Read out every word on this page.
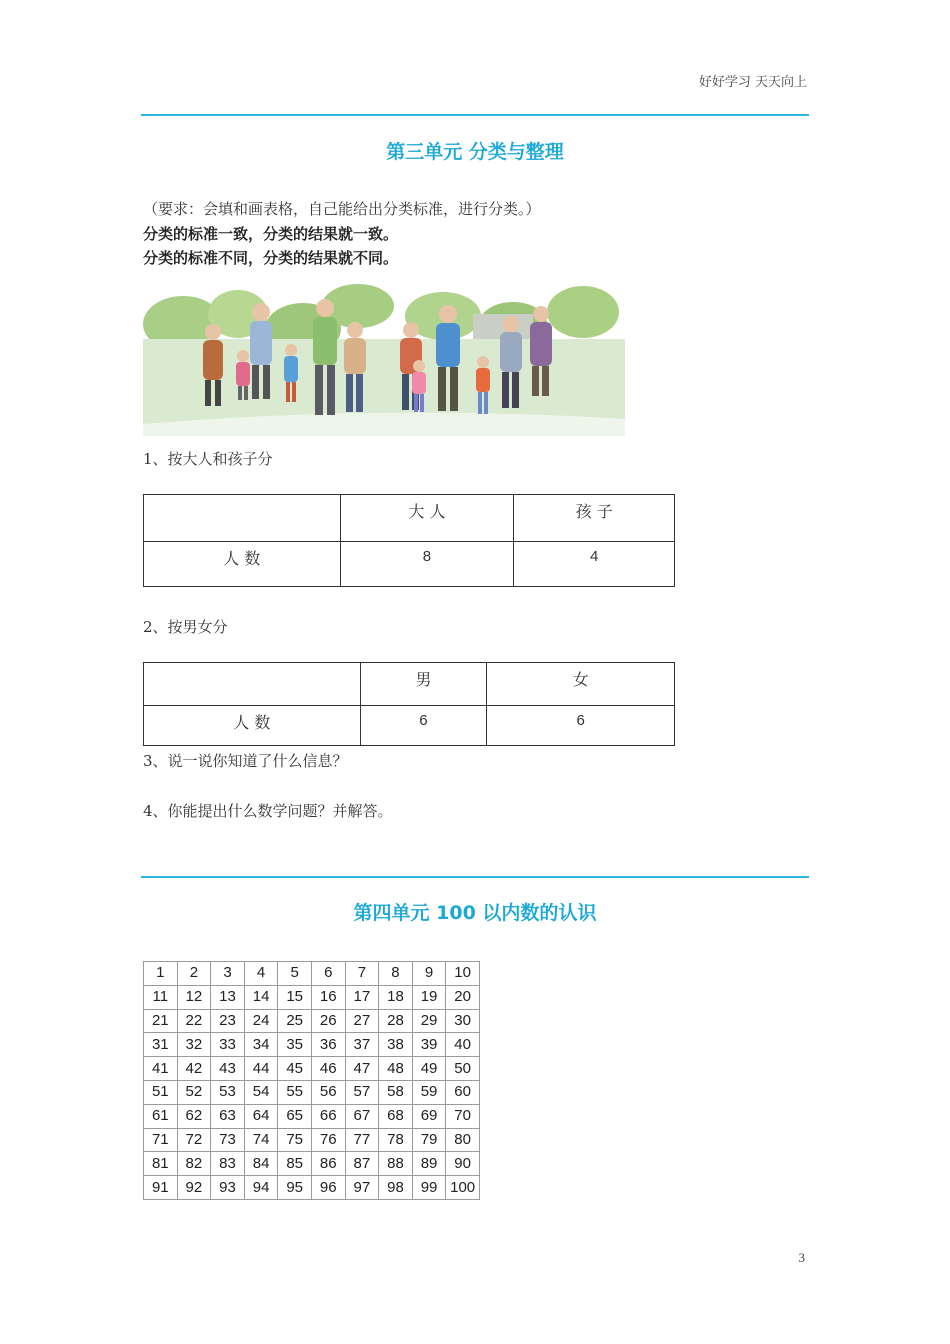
好好学习 天天向上
第三单元 分类与整理
（要求：会填和画表格，自己能给出分类标准，进行分类。）
分类的标准一致，分类的结果就一致。
分类的标准不同，分类的结果就不同。
1、按大人和孩子分
	大 人	孩 子
人 数	8	4
2、按男女分
	男	女
人 数	6	6
3、说一说你知道了什么信息？
4、你能提出什么数学问题？并解答。
第四单元 100 以内数的认识
1	2	3	4	5	6	7	8	9	10
11	12	13	14	15	16	17	18	19	20
21	22	23	24	25	26	27	28	29	30
31	32	33	34	35	36	37	38	39	40
41	42	43	44	45	46	47	48	49	50
51	52	53	54	55	56	57	58	59	60
61	62	63	64	65	66	67	68	69	70
71	72	73	74	75	76	77	78	79	80
81	82	83	84	85	86	87	88	89	90
91	92	93	94	95	96	97	98	99	100
3
